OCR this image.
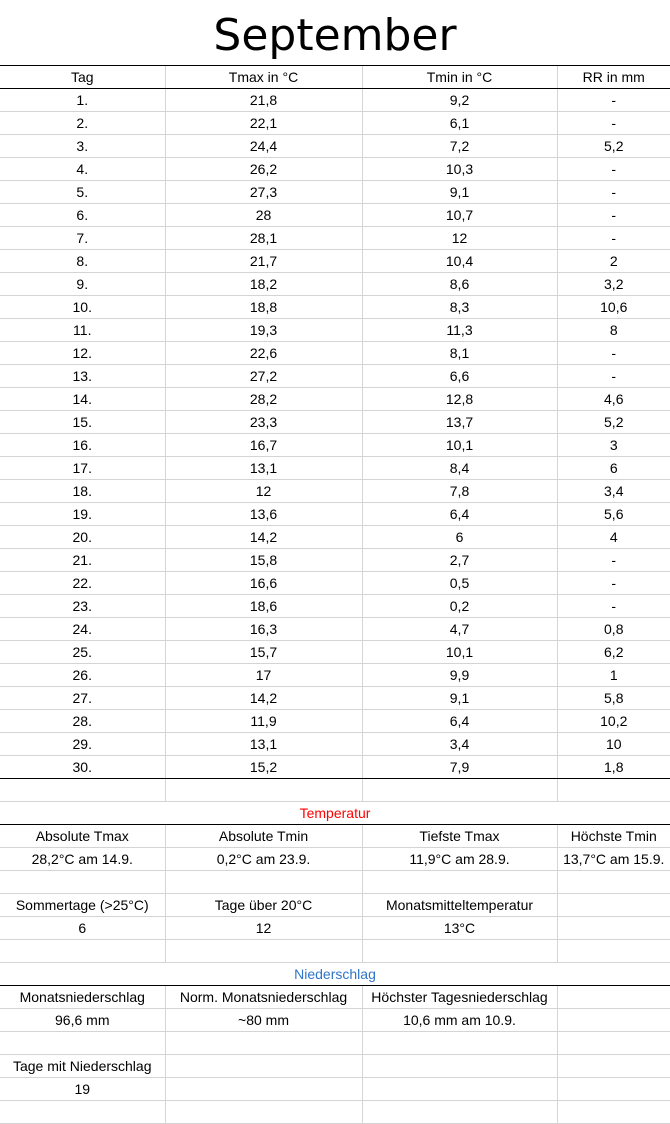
September
Tag	Tmax in °C	Tmin in °C	RR in mm
1.	21,8	9,2	-
2.	22,1	6,1	-
3.	24,4	7,2	5,2
4.	26,2	10,3	-
5.	27,3	9,1	-
6.	28	10,7	-
7.	28,1	12	-
8.	21,7	10,4	2
9.	18,2	8,6	3,2
10.	18,8	8,3	10,6
11.	19,3	11,3	8
12.	22,6	8,1	-
13.	27,2	6,6	-
14.	28,2	12,8	4,6
15.	23,3	13,7	5,2
16.	16,7	10,1	3
17.	13,1	8,4	6
18.	12	7,8	3,4
19.	13,6	6,4	5,6
20.	14,2	6	4
21.	15,8	2,7	-
22.	16,6	0,5	-
23.	18,6	0,2	-
24.	16,3	4,7	0,8
25.	15,7	10,1	6,2
26.	17	9,9	1
27.	14,2	9,1	5,8
28.	11,9	6,4	10,2
29.	13,1	3,4	10
30.	15,2	7,9	1,8

Temperatur			
Absolute Tmax	Absolute Tmin	Tiefste Tmax	Höchste Tmin
28,2°C am 14.9.	0,2°C am 23.9.	11,9°C am 28.9.	13,7°C am 15.9.

Sommertage (>25°C)	Tage über 20°C	Monatsmitteltemperatur	
6	12	13°C	

Niederschlag			
Monatsniederschlag	Norm. Monatsniederschlag	Höchster Tagesniederschlag	
96,6 mm	~80 mm	10,6 mm am 10.9.	

Tage mit Niederschlag			
19			
